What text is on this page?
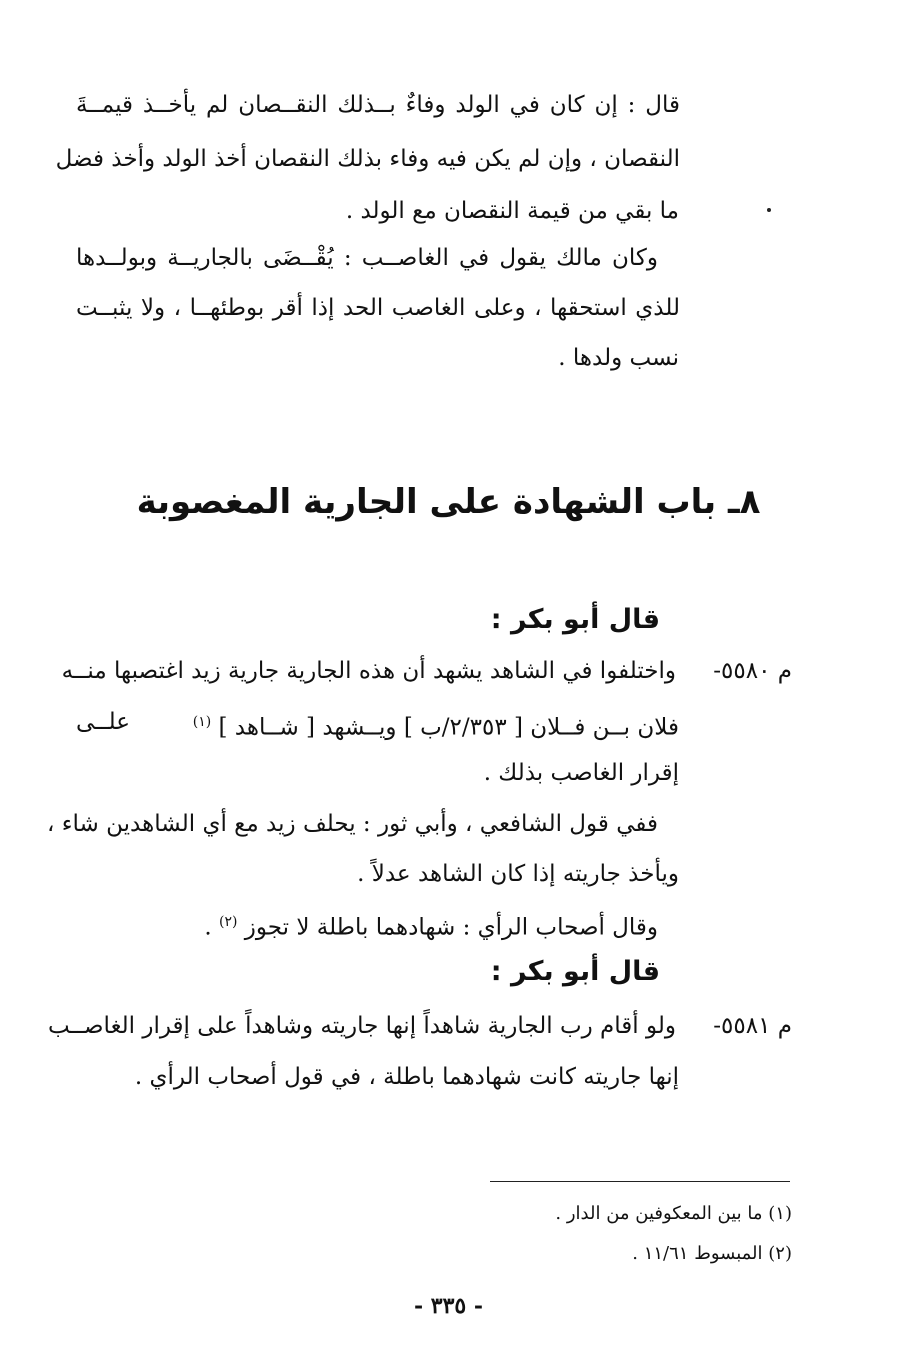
قال : إن كان في الولد وفاءٌ بــذلك النقــصان لم يأخــذ قيمــةَ
النقصان ، وإن لم يكن فيه وفاء بذلك النقصان أخذ الولد وأخذ فضل
ما بقي من قيمة النقصان مع الولد .
وكان مالك يقول في الغاصــب : يُقْــضَى بالجاريــة وبولــدها
للذي استحقها ، وعلى الغاصب الحد إذا أقر بوطئهــا ، ولا يثبــت
نسب ولدها .
٨ـ باب الشهادة على الجارية المغصوبة
قال أبو بكر :
م ٥٥٨٠-
واختلفوا في الشاهد يشهد أن هذه الجارية جارية زيد اغتصبها منــه
فلان بــن فــلان [ ٢/٣٥٣/ب ] ويــشهد [ شــاهد ] $^{(١)}$
علــى
إقرار الغاصب بذلك .
ففي قول الشافعي ، وأبي ثور : يحلف زيد مع أي الشاهدين شاء ،
ويأخذ جاريته إذا كان الشاهد عدلاً .
وقال أصحاب الرأي : شهادهما باطلة لا تجوز $^{(٢)}$ .
قال أبو بكر :
م ٥٥٨١-
ولو أقام رب الجارية شاهداً إنها جاريته وشاهداً على إقرار الغاصــب
إنها جاريته كانت شهادهما باطلة ، في قول أصحاب الرأي .
(١) ما بين المعكوفين من الدار .
(٢) المبسوط ١١/٦١ .
- ٣٣٥ -
